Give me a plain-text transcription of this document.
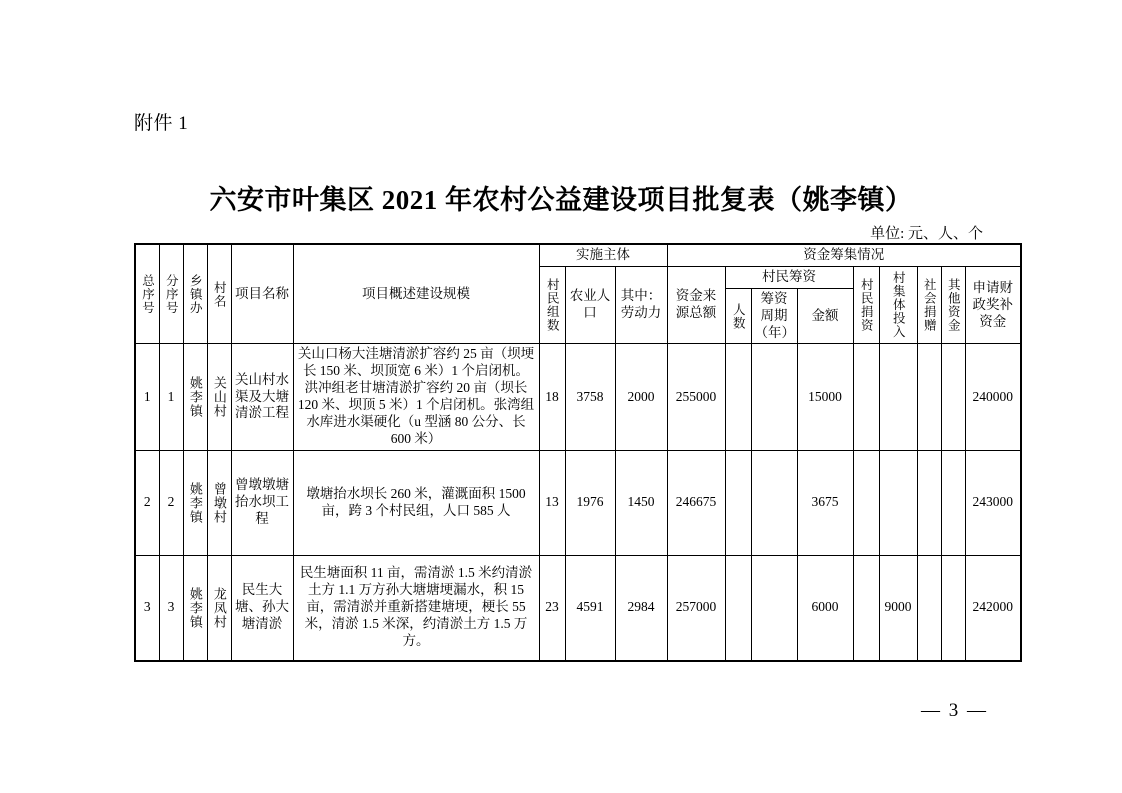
附件 1
六安市叶集区 2021 年农村公益建设项目批复表（姚李镇）
单位: 元、人、个
总序号	分序号	乡镇办	村名	项目名称	项目概述建设规模	实施主体			资金筹集情况								

						村民组数	农业人口	其中：劳动力	资金来源总额	村民筹资			村民捐资	村集体投入	社会捐赠	其他资金	申请财政奖补资金

										人数	筹资周期（年）	金额					
1	1	姚李镇	关山村	关山村水渠及大塘清淤工程	关山口杨大洼塘清淤扩容约 25 亩（坝埂长 150 米、坝顶宽 6 米）1 个启闭机。洪冲组老甘塘清淤扩容约 20 亩（坝长 120 米、坝顶 5 米）1 个启闭机。张湾组水库进水渠硬化（u 型涵 80 公分、长 600 米）	18	3758	2000	255000			15000					240000
2	2	姚李镇	曾墩村	曾墩墩塘抬水坝工程	墩塘抬水坝长 260 米，灌溉面积 1500 亩，跨 3 个村民组，人口 585 人	13	1976	1450	246675			3675					243000
3	3	姚李镇	龙凤村	民生大塘、孙大塘清淤	民生塘面积 11 亩，需清淤 1.5 米约清淤土方 1.1 万方孙大塘塘埂漏水，积 15 亩，需清淤并重新搭建塘埂，梗长 55 米，清淤 1.5 米深，约清淤土方 1.5 万方。	23	4591	2984	257000			6000		9000			242000
— 3 —
